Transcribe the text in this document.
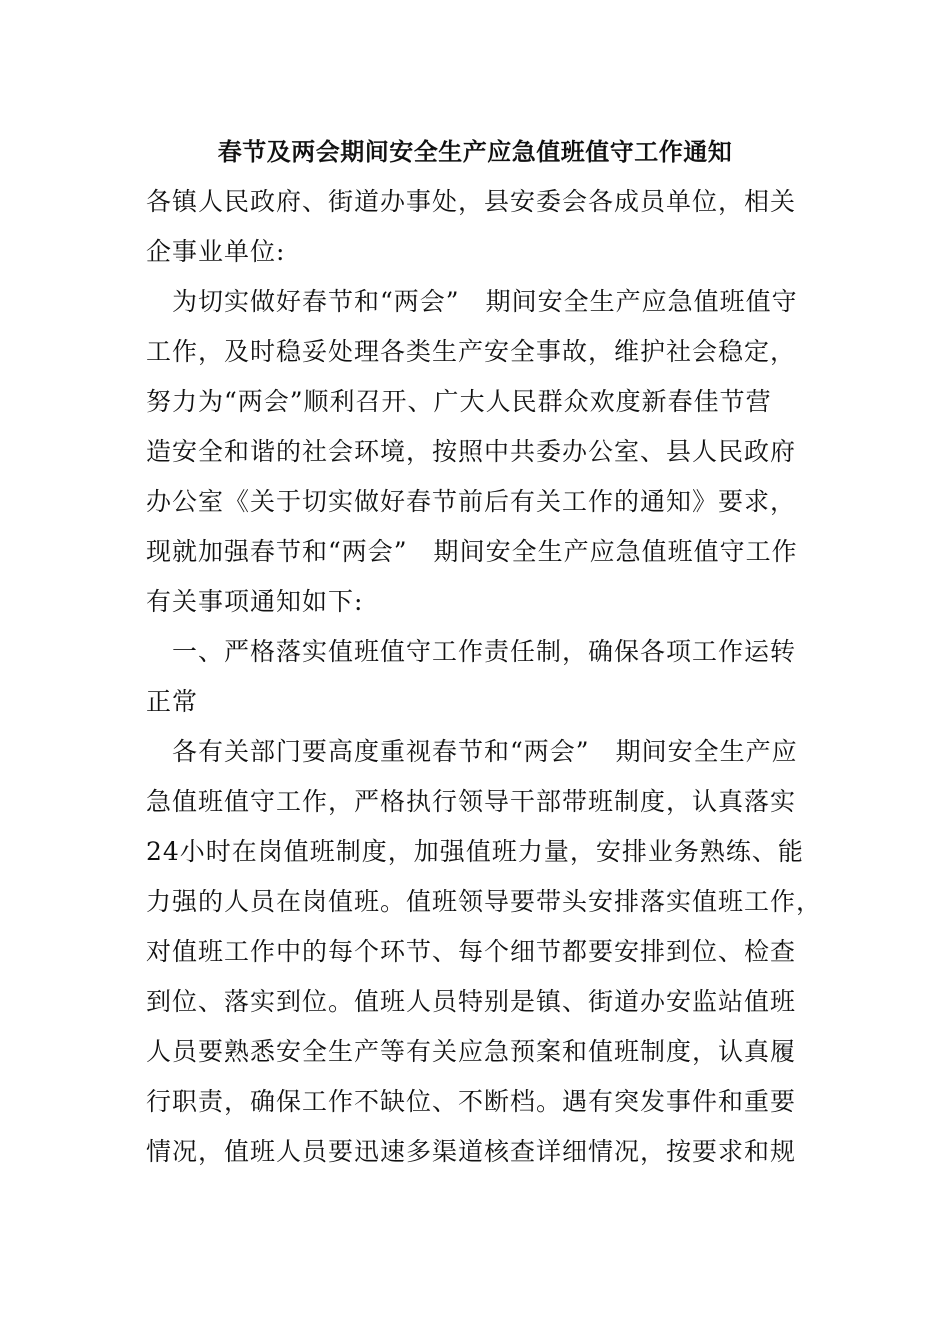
春节及两会期间安全生产应急值班值守工作通知
各镇人民政府、街道办事处，县安委会各成员单位，相关
企事业单位:
　为切实做好春节和“两会”　期间安全生产应急值班值守
工作，及时稳妥处理各类生产安全事故，维护社会稳定，
努力为“两会”顺利召开、广大人民群众欢度新春佳节营
造安全和谐的社会环境，按照中共委办公室、县人民政府
办公室《关于切实做好春节前后有关工作的通知》要求，
现就加强春节和“两会”　期间安全生产应急值班值守工作
有关事项通知如下:
　一、严格落实值班值守工作责任制，确保各项工作运转
正常
　各有关部门要高度重视春节和“两会”　期间安全生产应
急值班值守工作，严格执行领导干部带班制度，认真落实
24小时在岗值班制度，加强值班力量，安排业务熟练、能
力强的人员在岗值班。值班领导要带头安排落实值班工作，
对值班工作中的每个环节、每个细节都要安排到位、检查
到位、落实到位。值班人员特别是镇、街道办安监站值班
人员要熟悉安全生产等有关应急预案和值班制度，认真履
行职责，确保工作不缺位、不断档。遇有突发事件和重要
情况，值班人员要迅速多渠道核查详细情况，按要求和规
